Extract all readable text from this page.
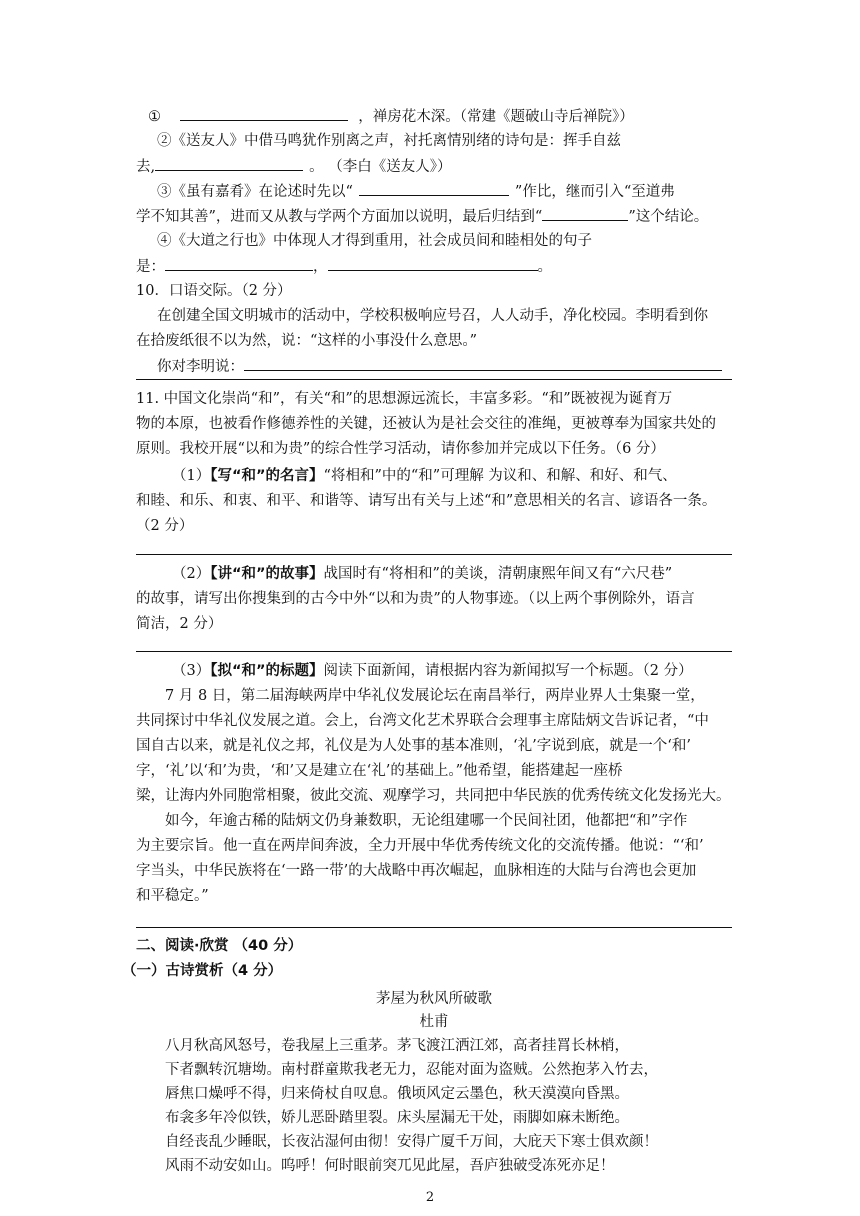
①	，禅房花木深。（常建《题破山寺后禅院》）
②《送友人》中借马鸣犹作别离之声，衬托离情别绪的诗句是：挥手自兹
去,	。 （李白《送友人》）
③《虽有嘉肴》在论述时先以“	”作比，继而引入“至道弗
学不知其善”，进而又从教与学两个方面加以说明，最后归结到“	”这个结论。
④《大道之行也》中体现人才得到重用，社会成员间和睦相处的句子
是：	，	。
10．口语交际。（2 分）
在创建全国文明城市的活动中，学校积极响应号召，人人动手，净化校园。李明看到你
在拾废纸很不以为然，说：“这样的小事没什么意思。”
你对李明说：
11. 中国文化崇尚“和”，有关“和”的思想源远流长，丰富多彩。“和”既被视为诞育万
物的本原，也被看作修德养性的关键，还被认为是社会交往的准绳，更被尊奉为国家共处的
原则。我校开展“以和为贵”的综合性学习活动，请你参加并完成以下任务。（6 分）
（1）【写“和”的名言】“将相和”中的“和”可理解 为议和、和解、和好、和气、
和睦、和乐、和衷、和平、和谐等、请写出有关与上述“和”意思相关的名言、谚语各一条。
（2 分）
（2）【讲“和”的故事】战国时有“将相和”的美谈，清朝康熙年间又有“六尺巷”
的故事，请写出你搜集到的古今中外“以和为贵”的人物事迹。（以上两个事例除外，语言
简洁，2 分）
（3）【拟“和”的标题】阅读下面新闻，请根据内容为新闻拟写一个标题。（2 分）
7 月 8 日，第二届海峡两岸中华礼仪发展论坛在南昌举行，两岸业界人士集聚一堂，
共同探讨中华礼仪发展之道。会上，台湾文化艺术界联合会理事主席陆炳文告诉记者，“中
国自古以来，就是礼仪之邦，礼仪是为人处事的基本准则，‘礼’字说到底，就是一个‘和’
字，‘礼’以‘和’为贵，‘和’又是建立在‘礼’的基础上。”他希望，能搭建起一座桥
梁，让海内外同胞常相聚，彼此交流、观摩学习，共同把中华民族的优秀传统文化发扬光大。
如今，年逾古稀的陆炳文仍身兼数职，无论组建哪一个民间社团，他都把“和”字作
为主要宗旨。他一直在两岸间奔波，全力开展中华优秀传统文化的交流传播。他说：“‘和’
字当头，中华民族将在‘一路一带’的大战略中再次崛起，血脉相连的大陆与台湾也会更加
和平稳定。”
二、阅读·欣赏 （40 分）
（一）古诗赏析（4 分）
茅屋为秋风所破歌
杜甫
八月秋高风怒号，卷我屋上三重茅。茅飞渡江洒江郊，高者挂罥长林梢，
下者飘转沉塘坳。南村群童欺我老无力，忍能对面为盗贼。公然抱茅入竹去，
唇焦口燥呼不得，归来倚杖自叹息。俄顷风定云墨色，秋天漠漠向昏黑。
布衾多年冷似铁，娇儿恶卧踏里裂。床头屋漏无干处，雨脚如麻未断绝。
自经丧乱少睡眠，长夜沾湿何由彻！安得广厦千万间，大庇天下寒士俱欢颜！
风雨不动安如山。呜呼！何时眼前突兀见此屋，吾庐独破受冻死亦足！
2
